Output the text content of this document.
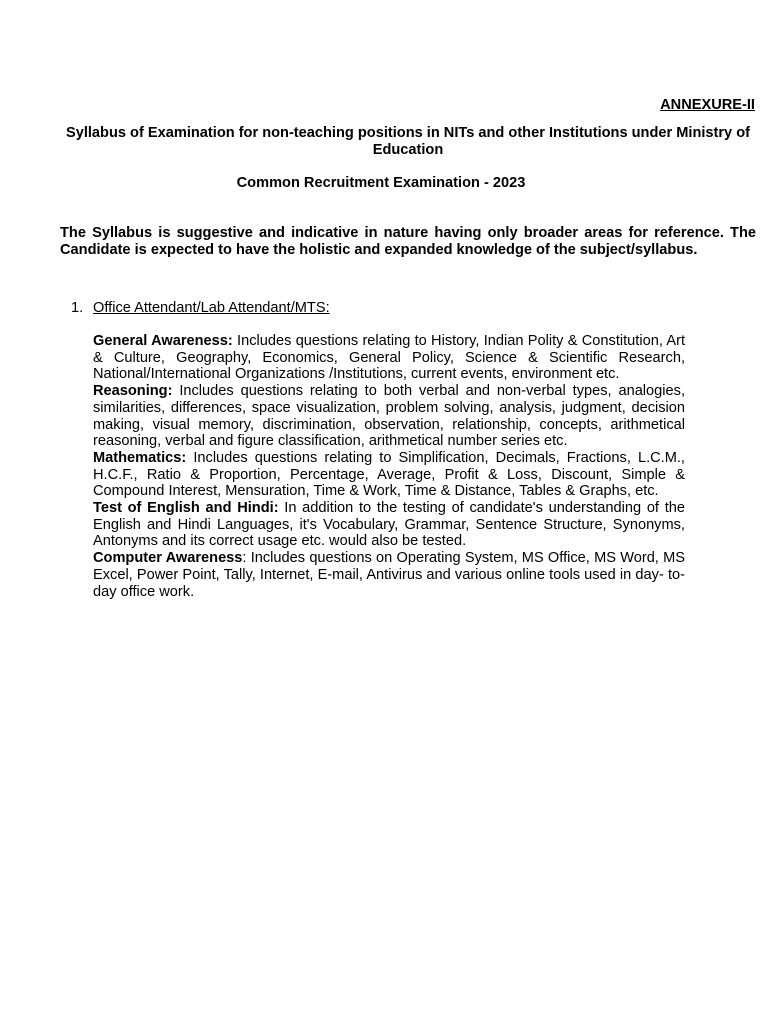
ANNEXURE-II
Syllabus of Examination for non-teaching positions in NITs and other Institutions under Ministry of Education
Common Recruitment Examination - 2023
The Syllabus is suggestive and indicative in nature having only broader areas for reference. The Candidate is expected to have the holistic and expanded knowledge of the subject/syllabus.
1. Office Attendant/Lab Attendant/MTS:

General Awareness: Includes questions relating to History, Indian Polity & Constitution, Art & Culture, Geography, Economics, General Policy, Science & Scientific Research, National/International Organizations /Institutions, current events, environment etc.

Reasoning: Includes questions relating to both verbal and non-verbal types, analogies, similarities, differences, space visualization, problem solving, analysis, judgment, decision making, visual memory, discrimination, observation, relationship, concepts, arithmetical reasoning, verbal and figure classification, arithmetical number series etc.

Mathematics: Includes questions relating to Simplification, Decimals, Fractions, L.C.M., H.C.F., Ratio & Proportion, Percentage, Average, Profit & Loss, Discount, Simple & Compound Interest, Mensuration, Time & Work, Time & Distance, Tables & Graphs, etc.

Test of English and Hindi: In addition to the testing of candidate's understanding of the English and Hindi Languages, it's Vocabulary, Grammar, Sentence Structure, Synonyms, Antonyms and its correct usage etc. would also be tested.

Computer Awareness: Includes questions on Operating System, MS Office, MS Word, MS Excel, Power Point, Tally, Internet, E-mail, Antivirus and various online tools used in day- to-day office work.
